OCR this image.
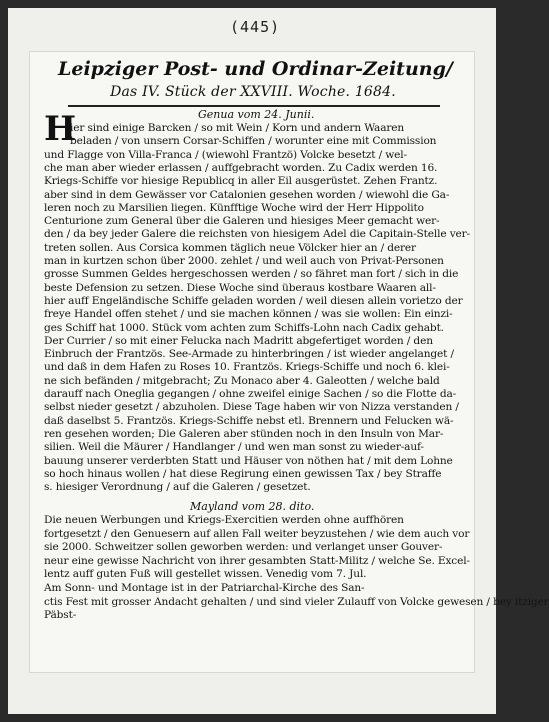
(445)
Leipziger Post- und Ordinar-Zeitung/
Das IV. Stück der XXVIII. Woche. 1684.
Genua vom 24. Junii.
H
ier sind einige Barcken / so mit Wein / Korn und andern Waaren
beladen / von unsern Corsar-Schiffen / worunter eine mit Commission
und Flagge von Villa-Franca / (wiewohl Frantzö) Volcke besetzt / wel-
che man aber wieder erlassen / auffgebracht worden. Zu Cadix werden 16.
Kriegs-Schiffe vor hiesige Republicq in aller Eil ausgerüstet. Zehen Frantz.
aber sind in dem Gewässer vor Catalonien gesehen worden / wiewohl die Ga-
leren noch zu Marsilien liegen. Künfftige Woche wird der Herr Hippolito
Centurione zum General über die Galeren und hiesiges Meer gemacht wer-
den / da bey jeder Galere die reichsten von hiesigem Adel die Capitain-Stelle ver-
treten sollen. Aus Corsica kommen täglich neue Völcker hier an / derer
man in kurtzen schon über 2000. zehlet / und weil auch von Privat-Personen
grosse Summen Geldes hergeschossen werden / so fähret man fort / sich in die
beste Defension zu setzen. Diese Woche sind überaus kostbare Waaren all-
hier auff Engeländische Schiffe geladen worden / weil diesen allein vorietzo der
freye Handel offen stehet / und sie machen können / was sie wollen: Ein einzi-
ges Schiff hat 1000. Stück vom achten zum Schiffs-Lohn nach Cadix gehabt.
Der Currier / so mit einer Felucka nach Madritt abgefertiget worden / den
Einbruch der Frantzös. See-Armade zu hinterbringen / ist wieder angelanget /
und daß in dem Hafen zu Roses 10. Frantzös. Kriegs-Schiffe und noch 6. klei-
ne sich befänden / mitgebracht; Zu Monaco aber 4. Galeotten / welche bald
darauff nach Oneglia gegangen / ohne zweifel einige Sachen / so die Flotte da-
selbst nieder gesetzt / abzuholen. Diese Tage haben wir von Nizza verstanden /
daß daselbst 5. Frantzös. Kriegs-Schiffe nebst etl. Brennern und Felucken wä-
ren gesehen worden; Die Galeren aber stünden noch in den Insuln von Mar-
silien. Weil die Mäurer / Handlanger / und wen man sonst zu wieder-auf-
bauung unserer verderbten Statt und Häuser von nöthen hat / mit dem Lohne
so hoch hinaus wollen / hat diese Regirung einen gewissen Tax / bey Straffe
s. hiesiger Verordnung / auf die Galeren / gesetzet.
Mayland vom 28. dito.
Die neuen Werbungen und Kriegs-Exercitien werden ohne auffhören
fortgesetzt / den Genuesern auf allen Fall weiter beyzustehen / wie dem auch vor
sie 2000. Schweitzer sollen geworben werden: und verlanget unser Gouver-
neur eine gewisse Nachricht von ihrer gesambten Statt-Militz / welche Se. Excel-
lentz auff guten Fuß will gestellet wissen. Venedig vom 7. Jul.
Am Sonn- und Montage ist in der Patriarchal-Kirche des San-
ctis Fest mit grosser Andacht gehalten / und sind vieler Zulauff von Volcke gewesen / bey itziger
Päbst-
